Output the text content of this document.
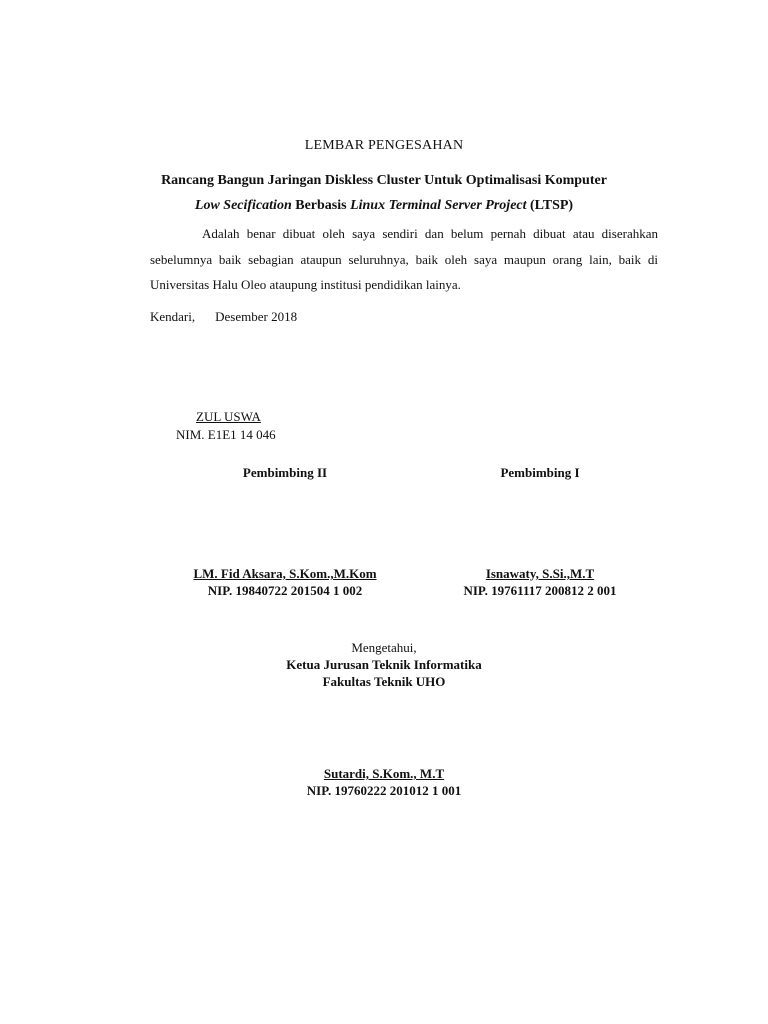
LEMBAR PENGESAHAN
Rancang Bangun Jaringan Diskless Cluster Untuk Optimalisasi Komputer
Low Secification Berbasis Linux Terminal Server Project (LTSP)
Adalah benar dibuat oleh saya sendiri dan belum pernah dibuat atau diserahkan sebelumnya baik sebagian ataupun seluruhnya, baik oleh saya maupun orang lain, baik di Universitas Halu Oleo ataupung institusi pendidikan lainya.
Kendari, Desember 2018
ZUL USWA
NIM. E1E1 14 046
Pembimbing II	Pembimbing I
LM. Fid Aksara, S.Kom.,M.Kom	Isnawaty, S.Si.,M.T
NIP. 19840722 201504 1 002	NIP. 19761117 200812 2 001
Mengetahui,
Ketua Jurusan Teknik Informatika
Fakultas Teknik UHO
Sutardi, S.Kom., M.T
NIP. 19760222 201012 1 001
